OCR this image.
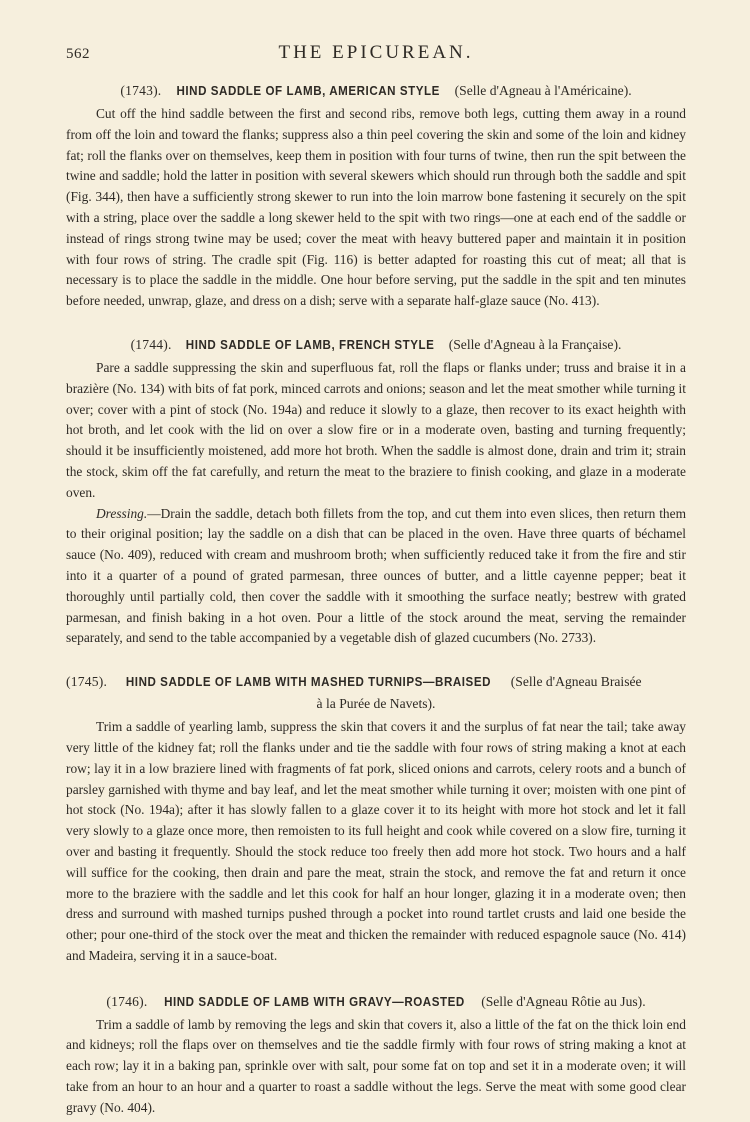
562	THE EPICUREAN.

(1743). HIND SADDLE OF LAMB, AMERICAN STYLE (Selle d'Agneau à l'Américaine).

Cut off the hind saddle between the first and second ribs, remove both legs, cutting them away in a round from off the loin and toward the flanks; suppress also a thin peel covering the skin and some of the loin and kidney fat; roll the flanks over on themselves, keep them in position with four turns of twine, then run the spit between the twine and saddle; hold the latter in position with several skewers which should run through both the saddle and spit (Fig. 344), then have a sufficiently strong skewer to run into the loin marrow bone fastening it securely on the spit with a string, place over the saddle a long skewer held to the spit with two rings—one at each end of the saddle or instead of rings strong twine may be used; cover the meat with heavy buttered paper and maintain it in position with four rows of string. The cradle spit (Fig. 116) is better adapted for roasting this cut of meat; all that is necessary is to place the saddle in the middle. One hour before serving, put the saddle in the spit and ten minutes before needed, unwrap, glaze, and dress on a dish; serve with a separate half-glaze sauce (No. 413).

(1744). HIND SADDLE OF LAMB, FRENCH STYLE (Selle d'Agneau à la Française).

Pare a saddle suppressing the skin and superfluous fat, roll the flaps or flanks under; truss and braise it in a brazière (No. 134) with bits of fat pork, minced carrots and onions; season and let the meat smother while turning it over; cover with a pint of stock (No. 194a) and reduce it slowly to a glaze, then recover to its exact heighth with hot broth, and let cook with the lid on over a slow fire or in a moderate oven, basting and turning frequently; should it be insufficiently moistened, add more hot broth. When the saddle is almost done, drain and trim it; strain the stock, skim off the fat carefully, and return the meat to the braziere to finish cooking, and glaze in a moderate oven.

Dressing.—Drain the saddle, detach both fillets from the top, and cut them into even slices, then return them to their original position; lay the saddle on a dish that can be placed in the oven. Have three quarts of béchamel sauce (No. 409), reduced with cream and mushroom broth; when sufficiently reduced take it from the fire and stir into it a quarter of a pound of grated parmesan, three ounces of butter, and a little cayenne pepper; beat it thoroughly until partially cold, then cover the saddle with it smoothing the surface neatly; bestrew with grated parmesan, and finish baking in a hot oven. Pour a little of the stock around the meat, serving the remainder separately, and send to the table accompanied by a vegetable dish of glazed cucumbers (No. 2733).

(1745). HIND SADDLE OF LAMB WITH MASHED TURNIPS—BRAISED (Selle d'Agneau Braisée
à la Purée de Navets).

Trim a saddle of yearling lamb, suppress the skin that covers it and the surplus of fat near the tail; take away very little of the kidney fat; roll the flanks under and tie the saddle with four rows of string making a knot at each row; lay it in a low braziere lined with fragments of fat pork, sliced onions and carrots, celery roots and a bunch of parsley garnished with thyme and bay leaf, and let the meat smother while turning it over; moisten with one pint of hot stock (No. 194a); after it has slowly fallen to a glaze cover it to its height with more hot stock and let it fall very slowly to a glaze once more, then remoisten to its full height and cook while covered on a slow fire, turning it over and basting it frequently. Should the stock reduce too freely then add more hot stock. Two hours and a half will suffice for the cooking, then drain and pare the meat, strain the stock, and remove the fat and return it once more to the braziere with the saddle and let this cook for half an hour longer, glazing it in a moderate oven; then dress and surround with mashed turnips pushed through a pocket into round tartlet crusts and laid one beside the other; pour one-third of the stock over the meat and thicken the remainder with reduced espagnole sauce (No. 414) and Madeira, serving it in a sauce-boat.

(1746). HIND SADDLE OF LAMB WITH GRAVY—ROASTED (Selle d'Agneau Rôtie au Jus).

Trim a saddle of lamb by removing the legs and skin that covers it, also a little of the fat on the thick loin end and kidneys; roll the flaps over on themselves and tie the saddle firmly with four rows of string making a knot at each row; lay it in a baking pan, sprinkle over with salt, pour some fat on top and set it in a moderate oven; it will take from an hour to an hour and a quarter to roast a saddle without the legs. Serve the meat with some good clear gravy (No. 404).
